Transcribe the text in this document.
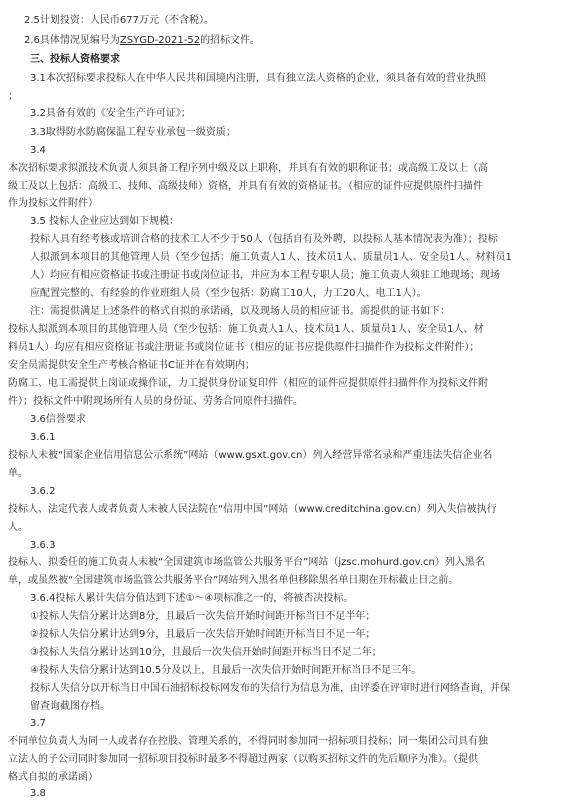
2.5计划投资：人民币677万元（不含税）。
2.6具体情况见编号为ZSYGD-2021-52的招标文件。
三、投标人资格要求
3.1本次招标要求投标人在中华人民共和国境内注册，具有独立法人资格的企业，须具备有效的营业执照
；
3.2具备有效的《安全生产许可证》；
3.3取得防水防腐保温工程专业承包一级资质；
3.4
本次招标要求拟派技术负责人须具备工程序列中级及以上职称，并具有有效的职称证书；或高级工及以上（高
级工及以上包括：高级工、技师、高级技师）资格，并具有有效的资格证书。（相应的证件应提供原件扫描件
作为投标文件附件）
3.5 投标人企业应达到如下规模：
投标人具有经考核或培训合格的技术工人不少于50人（包括自有及外聘，以投标人基本情况表为准）；投标
人拟派到本项目的其他管理人员（至少包括：施工负责人1人、技术员1人、质量员1人、安全员1人、材料员1
人）均应有相应资格证书或注册证书或岗位证书，并应为本工程专职人员；施工负责人须驻工地现场；现场
应配置完整的、有经验的作业班组人员（至少包括：防腐工10人，力工20人、电工1人）。
注：需提供满足上述条件的格式自拟的承诺函，以及现场人员的相应证书。需提供的证书如下：
投标人拟派到本项目的其他管理人员（至少包括：施工负责人1人、技术员1人、质量员1人、安全员1人、材
料员1人）均应有相应资格证书或注册证书或岗位证书（相应的证书应提供原件扫描件作为投标文件附件）；
安全员需提供安全生产考核合格证书C证并在有效期内；
防腐工、电工需提供上岗证或操作证，力工提供身份证复印件（相应的证件应提供原件扫描件作为投标文件附
件）；投标文件中附现场所有人员的身份证、劳务合同原件扫描件。
3.6信誉要求
3.6.1
投标人未被“国家企业信用信息公示系统”网站（www.gsxt.gov.cn）列入经营异常名录和严重违法失信企业名
单。
3.6.2
投标人、法定代表人或者负责人未被人民法院在“信用中国”网站（www.creditchina.gov.cn）列入失信被执行
人。
3.6.3
投标人、拟委任的施工负责人未被“全国建筑市场监管公共服务平台”网站（jzsc.mohurd.gov.cn）列入黑名
单，或虽然被“全国建筑市场监管公共服务平台”网站列入黑名单但移除黑名单日期在开标截止日之前。
3.6.4投标人累计失信分值达到下述①～④项标准之一的，将被否决投标。
①投标人失信分累计达到8分，且最后一次失信开始时间距开标当日不足半年；
②投标人失信分累计达到9分，且最后一次失信开始时间距开标当日不足一年；
③投标人失信分累计达到10分，且最后一次失信开始时间距开标当日不足二年；
④投标人失信分累计达到10.5分及以上，且最后一次失信开始时间距开标当日不足三年。
投标人失信分以开标当日中国石油招标投标网发布的失信行为信息为准，由评委在评审时进行网络查询，并保
留查询截图存档。
3.7
不同单位负责人为同一人或者存在控股、管理关系的，不得同时参加同一招标项目投标；同一集团公司具有独
立法人的子公司同时参加同一招标项目投标时最多不得超过两家（以购买招标文件的先后顺序为准）。（提供
格式自拟的承诺函）
3.8
